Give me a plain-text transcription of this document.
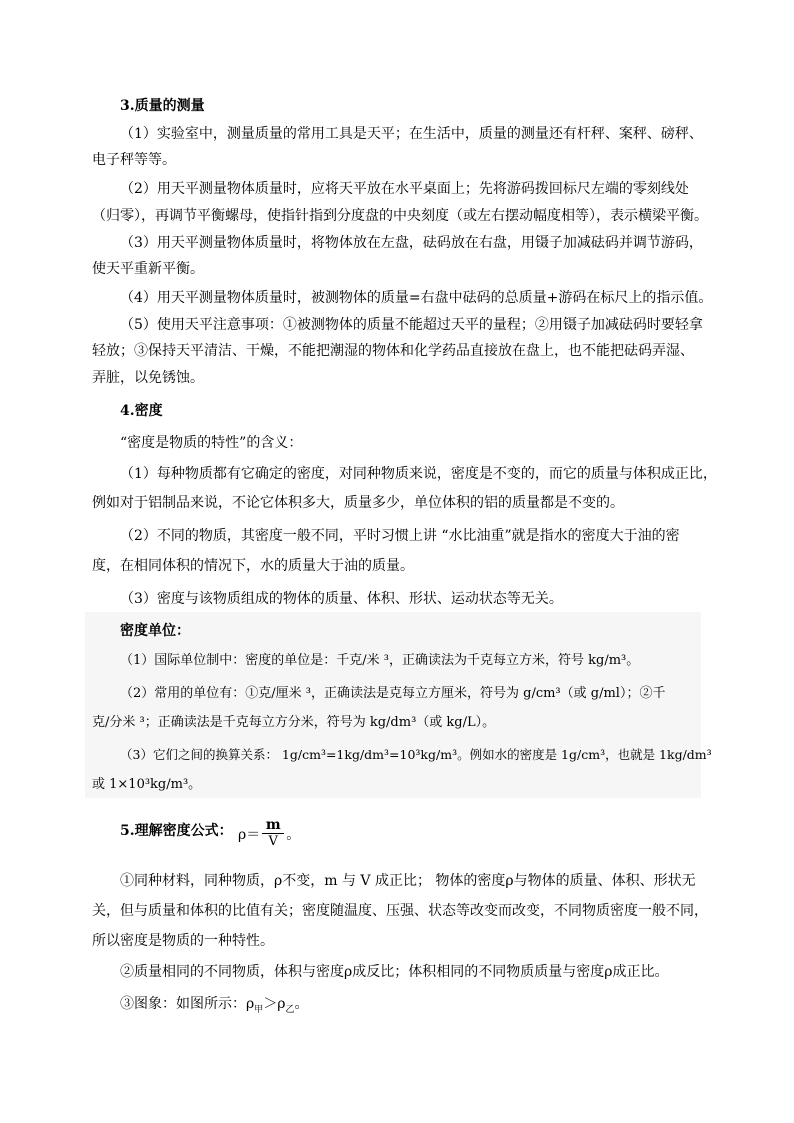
3.质量的测量
（1）实验室中，测量质量的常用工具是天平；在生活中，质量的测量还有杆秤、案秤、磅秤、
电子秤等等。
（2）用天平测量物体质量时，应将天平放在水平桌面上；先将游码拨回标尺左端的零刻线处
（归零），再调节平衡螺母，使指针指到分度盘的中央刻度（或左右摆动幅度相等），表示横梁平衡。
（3）用天平测量物体质量时，将物体放在左盘，砝码放在右盘，用镊子加减砝码并调节游码，
使天平重新平衡。
（4）用天平测量物体质量时，被测物体的质量=右盘中砝码的总质量+游码在标尺上的指示值。
（5）使用天平注意事项：①被测物体的质量不能超过天平的量程；②用镊子加减砝码时要轻拿
轻放；③保持天平清洁、干燥，不能把潮湿的物体和化学药品直接放在盘上，也不能把砝码弄湿、
弄脏，以免锈蚀。
4.密度
“密度是物质的特性”的含义：
（1）每种物质都有它确定的密度，对同种物质来说，密度是不变的，而它的质量与体积成正比，
例如对于铝制品来说，不论它体积多大，质量多少，单位体积的铝的质量都是不变的。
（2）不同的物质，其密度一般不同，平时习惯上讲 “水比油重”就是指水的密度大于油的密
度，在相同体积的情况下，水的质量大于油的质量。
（3）密度与该物质组成的物体的质量、体积、形状、运动状态等无关。
密度单位：
（1）国际单位制中：密度的单位是：千克/米 ³，正确读法为千克每立方米，符号 kg/m³。
（2）常用的单位有：①克/厘米 ³，正确读法是克每立方厘米，符号为 g/cm³（或 g/ml）；②千
克/分米 ³；正确读法是千克每立方分米，符号为 kg/dm³（或 kg/L）。
（3）它们之间的换算关系： 1g/cm³=1kg/dm³=10³kg/m³。例如水的密度是 1g/cm³，也就是 1kg/dm³
或 1×10³kg/m³。
5.理解密度公式： $\rho= \frac{m}{V}$ 。
①同种材料，同种物质，ρ不变，m 与 V 成正比； 物体的密度ρ与物体的质量、体积、形状无
关，但与质量和体积的比值有关；密度随温度、压强、状态等改变而改变，不同物质密度一般不同，
所以密度是物质的一种特性。
②质量相同的不同物质，体积与密度ρ成反比；体积相同的不同物质质量与密度ρ成正比。
③图象：如图所示：$\rho_甲>\rho_乙$。
